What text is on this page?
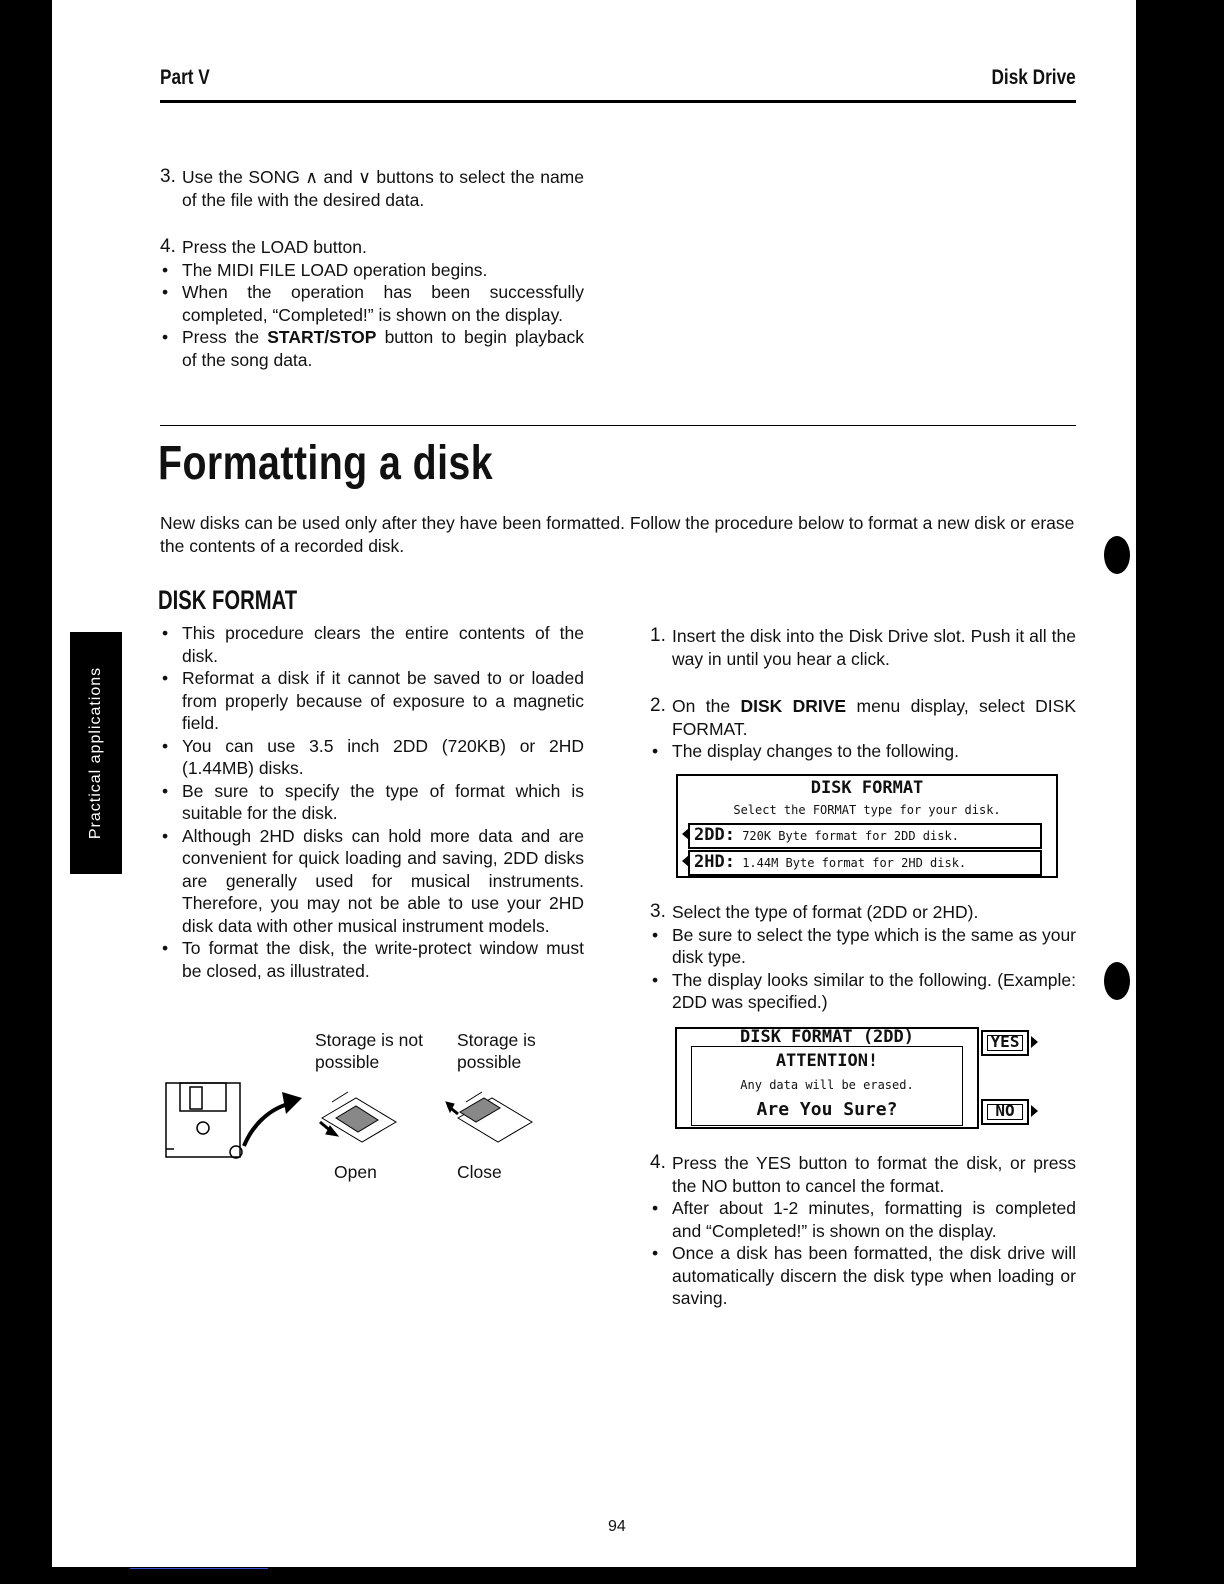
Practical applications
Part V	Disk Drive
3. Use the SONG ∧ and ∨ buttons to select the name of the file with the desired data.

4. Press the LOAD button.

• The MIDI FILE LOAD operation begins.

• When the operation has been successfully completed, “Completed!” is shown on the display.

• Press the START/STOP button to begin playback of the song data.

Formatting a disk

New disks can be used only after they have been formatted. Follow the procedure below to format a new disk or erase the contents of a recorded disk.

DISK FORMAT

• This procedure clears the entire contents of the disk.

• Reformat a disk if it cannot be saved to or loaded from properly because of exposure to a magnetic field.

• You can use 3.5 inch 2DD (720KB) or 2HD (1.44MB) disks.

• Be sure to specify the type of format which is suitable for the disk.

• Although 2HD disks can hold more data and are convenient for quick loading and saving, 2DD disks are generally used for musical instruments. Therefore, you may not be able to use your 2HD disk data with other musical instrument models.

• To format the disk, the write-protect window must be closed, as illustrated.

Storage is not possible
Storage is possible
Open	Close
1. Insert the disk into the Disk Drive slot. Push it all the way in until you hear a click.

2. On the DISK DRIVE menu display, select DISK FORMAT.

• The display changes to the following.

DISK FORMAT
Select the FORMAT type for your disk.
2DD: 720K Byte format for 2DD disk.
2HD: 1.44M Byte format for 2HD disk.
3. Select the type of format (2DD or 2HD).

• Be sure to select the type which is the same as your disk type.

• The display looks similar to the following. (Example: 2DD was specified.)

DISK FORMAT (2DD)
ATTENTION!
Any data will be erased.
Are You Sure?
YES
NO
4. Press the YES button to format the disk, or press the NO button to cancel the format.

• After about 1-2 minutes, formatting is completed and “Completed!” is shown on the display.

• Once a disk has been formatted, the disk drive will automatically discern the disk type when loading or saving.

94
